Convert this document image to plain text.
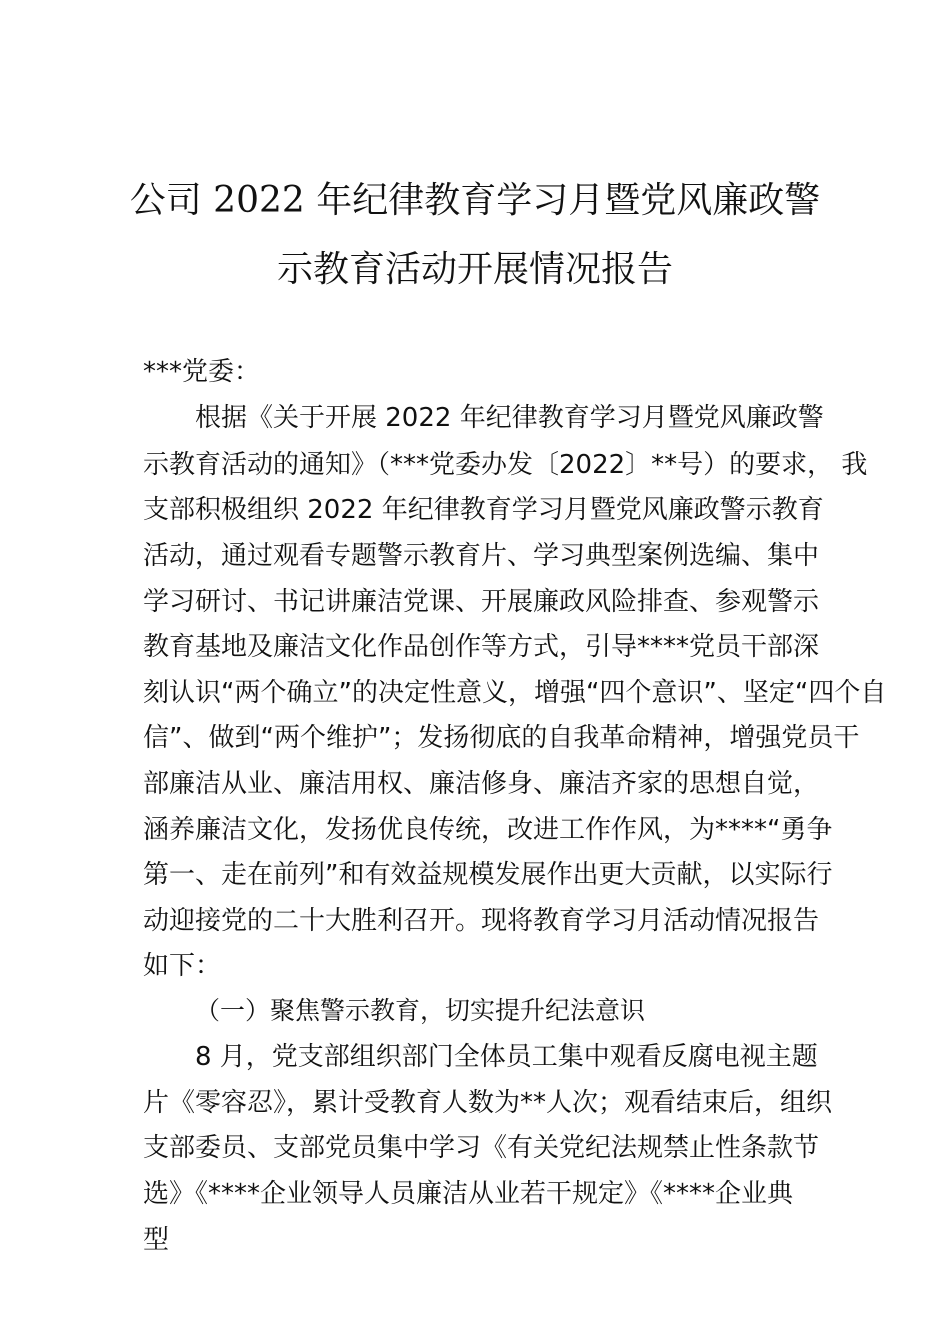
公司 2022 年纪律教育学习月暨党风廉政警
示教育活动开展情况报告
***党委：
根据《关于开展 2022 年纪律教育学习月暨党风廉政警
示教育活动的通知》（***党委办发〔2022〕**号）的要求， 我
支部积极组织 2022 年纪律教育学习月暨党风廉政警示教育
活动，通过观看专题警示教育片、学习典型案例选编、集中
学习研讨、书记讲廉洁党课、开展廉政风险排查、参观警示
教育基地及廉洁文化作品创作等方式，引导****党员干部深
刻认识“两个确立”的决定性意义，增强“四个意识”、坚定“四个自
信”、做到“两个维护”；发扬彻底的自我革命精神，增强党员干
部廉洁从业、廉洁用权、廉洁修身、廉洁齐家的思想自觉，
涵养廉洁文化，发扬优良传统，改进工作作风，为****“勇争
第一、走在前列”和有效益规模发展作出更大贡献，以实际行
动迎接党的二十大胜利召开。现将教育学习月活动情况报告
如下：
（一）聚焦警示教育，切实提升纪法意识
8 月，党支部组织部门全体员工集中观看反腐电视主题
片《零容忍》，累计受教育人数为**人次；观看结束后，组织
支部委员、支部党员集中学习《有关党纪法规禁止性条款节
选》《****企业领导人员廉洁从业若干规定》《****企业典
型
